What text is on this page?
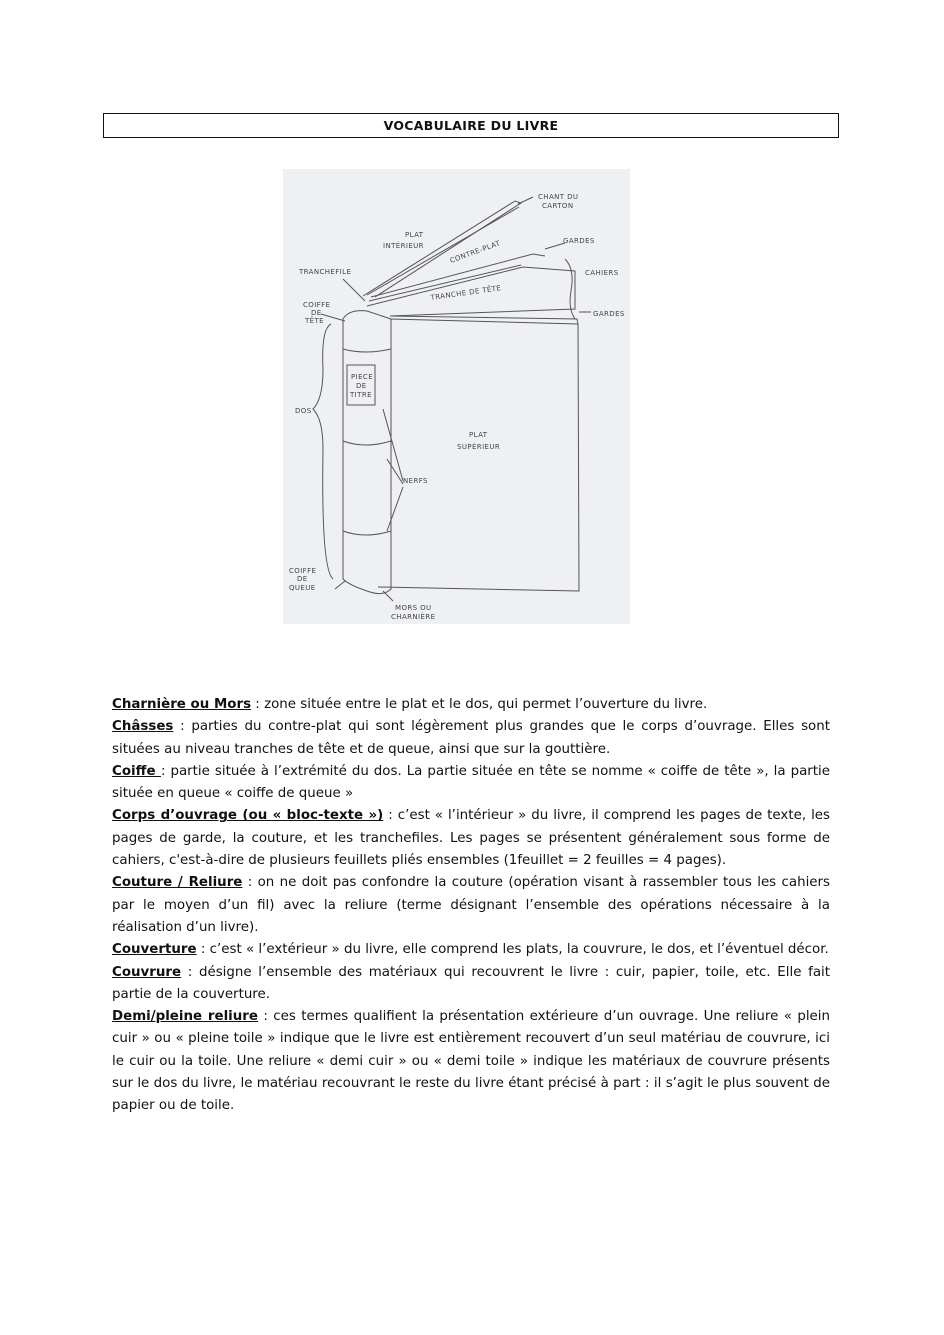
VOCABULAIRE DU LIVRE
CHANT DU
CARTON
PLAT
INTÉRIEUR	CONTRE-PLAT	GARDES
CAHIERS
TRANCHEFILE
TRANCHE DE TÊTE
GARDES
COIFFE
DE
TÊTE
PIECE
DE
TITRE
DOS
PLAT
SUPÉRIEUR
NERFS
COIFFE
DE
QUEUE
MORS OU
CHARNIÈRE

Charnière ou Mors : zone située entre le plat et le dos, qui permet l’ouverture du livre.

Châsses : parties du contre-plat qui sont légèrement plus grandes que le corps d’ouvrage. Elles sont situées au niveau tranches de tête et de queue, ainsi que sur la gouttière.

Coiffe : partie située à l’extrémité du dos. La partie située en tête se nomme « coiffe de tête », la partie située en queue « coiffe de queue »

Corps d’ouvrage (ou « bloc-texte ») : c’est « l’intérieur » du livre, il comprend les pages de texte, les pages de garde, la couture, et les tranchefiles. Les pages se présentent généralement sous forme de cahiers, c'est-à-dire de plusieurs feuillets pliés ensembles (1feuillet = 2 feuilles = 4 pages).

Couture / Reliure : on ne doit pas confondre la couture (opération visant à rassembler tous les cahiers par le moyen d’un fil) avec la reliure (terme désignant l’ensemble des opérations nécessaire à la réalisation d’un livre).

Couverture : c’est « l’extérieur » du livre, elle comprend les plats, la couvrure, le dos, et l’éventuel décor.

Couvrure : désigne l’ensemble des matériaux qui recouvrent le livre : cuir, papier, toile, etc. Elle fait partie de la couverture.

Demi/pleine reliure : ces termes qualifient la présentation extérieure d’un ouvrage. Une reliure « plein cuir » ou « pleine toile » indique que le livre est entièrement recouvert d’un seul matériau de couvrure, ici le cuir ou la toile. Une reliure « demi cuir » ou « demi toile » indique les matériaux de couvrure présents sur le dos du livre, le matériau recouvrant le reste du livre étant précisé à part : il s’agit le plus souvent de papier ou de toile.
